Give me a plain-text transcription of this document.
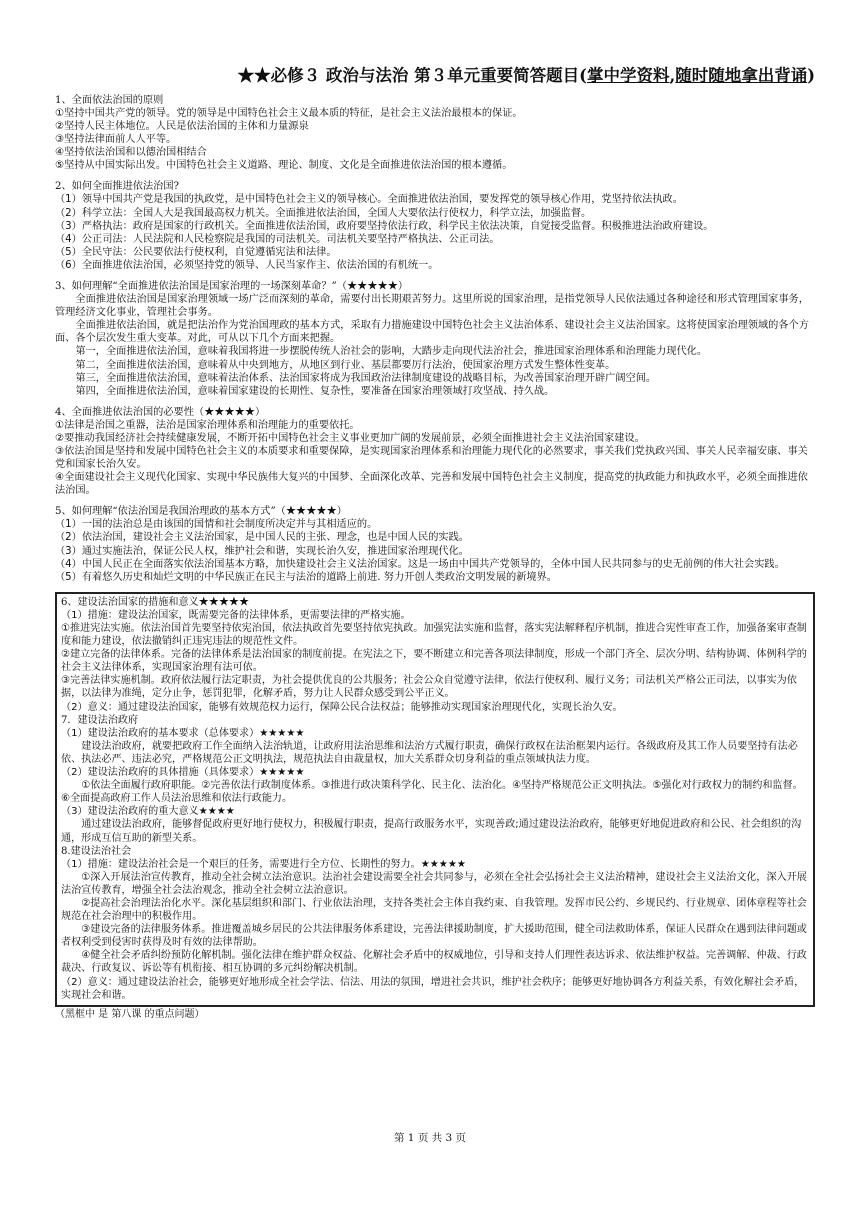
★★必修３ 政治与法治 第３单元重要简答题目(掌中学资料,随时随地拿出背诵)
1、全面依法治国的原则
①坚持中国共产党的领导。党的领导是中国特色社会主义最本质的特征，是社会主义法治最根本的保证。
②坚持人民主体地位。人民是依法治国的主体和力量源泉
③坚持法律面前人人平等。
④坚持依法治国和以德治国相结合
⑤坚持从中国实际出发。中国特色社会主义道路、理论、制度、文化是全面推进依法治国的根本遵循。
2、如何全面推进依法治国?
（1）领导中国共产党是我国的执政党，是中国特色社会主义的领导核心。全面推进依法治国，要发挥党的领导核心作用，党坚持依法执政。
（2）科学立法：全国人大是我国最高权力机关。全面推进依法治国，全国人大要依法行使权力，科学立法，加强监督。
（3）严格执法：政府是国家的行政机关。全面推进依法治国，政府要坚持依法行政，科学民主依法决策，自觉接受监督。积极推进法治政府建设。
（4）公正司法：人民法院和人民检察院是我国的司法机关。司法机关要坚持严格执法、公正司法。
（5）全民守法：公民要依法行使权利，自觉遵循宪法和法律。
（6）全面推进依法治国，必须坚持党的领导、人民当家作主、依法治国的有机统一。
3、如何理解“全面推进依法治国是国家治理的一场深刻革命？”（★★★★★）
全面推进依法治国是国家治理领域一场广泛而深刻的革命，需要付出长期艰苦努力。这里所说的国家治理，是指党领导人民依法通过各种途径和形式管理国家事务，管理经济文化事业，管理社会事务。
全面推进依法治国，就是把法治作为党治国理政的基本方式，采取有力措施建设中国特色社会主义法治体系、建设社会主义法治国家。这将使国家治理领域的各个方面、各个层次发生重大变革。对此，可从以下几个方面来把握。
第一，全面推进依法治国，意味着我国将进一步摆脱传统人治社会的影响，大踏步走向现代法治社会，推进国家治理体系和治理能力现代化。
第二，全面推进依法治国，意味着从中央到地方，从地区到行业、基层都要厉行法治，使国家治理方式发生整体性变革。
第三，全面推进依法治国，意味着法治体系、法治国家将成为我国政治法律制度建设的战略目标，为改善国家治理开辟广阔空间。
第四，全面推进依法治国，意味着国家建设的长期性、复杂性，要准备在国家治理领域打攻坚战、持久战。
4、全面推进依法治国的必要性（★★★★★）
①法律是治国之重器，法治是国家治理体系和治理能力的重要依托。
②要推动我国经济社会持续健康发展，不断开拓中国特色社会主义事业更加广阔的发展前景，必须全面推进社会主义法治国家建设。
③依法治国是坚持和发展中国特色社会主义的本质要求和重要保障，是实现国家治理体系和治理能力现代化的必然要求，事关我们党执政兴国、事关人民幸福安康、事关党和国家长治久安。
④全面建设社会主义现代化国家、实现中华民族伟大复兴的中国梦、全面深化改革、完善和发展中国特色社会主义制度，提高党的执政能力和执政水平，必须全面推进依法治国。
5、如何理解“依法治国是我国治理政的基本方式”（★★★★★）
（1）一国的法治总是由该国的国情和社会制度所决定并与其相适应的。
（2）依法治国，建设社会主义法治国家，是中国人民的主张、理念，也是中国人民的实践。
（3）通过实施法治，保证公民人权，维护社会和谐，实现长治久安，推进国家治理现代化。
（4）中国人民正在全面落实依法治国基本方略，加快建设社会主义法治国家。这是一场由中国共产党领导的，全体中国人民共同参与的史无前例的伟大社会实践。
（5）有着悠久历史和灿烂文明的中华民族正在民主与法治的道路上前进. 努力开创人类政治文明发展的新境界。
6、建设法治国家的措施和意义★★★★★
（1）措施：建设法治国家，既需要完备的法律体系，更需要法律的严格实施。
①推进宪法实施。依法治国首先要坚持依宪治国，依法执政首先要坚持依宪执政。加强宪法实施和监督，落实宪法解释程序机制，推进合宪性审查工作，加强备案审查制度和能力建设，依法撤销纠正违宪违法的规范性文件。
②建立完备的法律体系。完备的法律体系是法治国家的制度前提。在宪法之下，要不断建立和完善各项法律制度，形成一个部门齐全、层次分明、结构协调、体例科学的社会主义法律体系，实现国家治理有法可依。
③完善法律实施机制。政府依法履行法定职责，为社会提供优良的公共服务；社会公众自觉遵守法律，依法行使权利、履行义务；司法机关严格公正司法，以事实为依据，以法律为准绳，定分止争，惩罚犯罪，化解矛盾，努力让人民群众感受到公平正义。
（2）意义：通过建设法治国家，能够有效规范权力运行，保障公民合法权益；能够推动实现国家治理现代化，实现长治久安。
7．建设法治政府
（1）建设法治政府的基本要求（总体要求）★★★★★
建设法治政府，就要把政府工作全面纳入法治轨道，让政府用法治思维和法治方式履行职责，确保行政权在法治框架内运行。各级政府及其工作人员要坚持有法必依、执法必严、违法必究，严格规范公正文明执法，规范执法自由裁量权，加大关系群众切身利益的重点领域执法力度。
（2）建设法治政府的具体措施（具体要求）★★★★★
①依法全面履行政府职能。②完善依法行政制度体系。③推进行政决策科学化、民主化、法治化。④坚持严格规范公正文明执法。⑤强化对行政权力的制约和监督。⑥全面提高政府工作人员法治思维和依法行政能力。
（3）建设法治政府的重大意义★★★★
通过建设法治政府，能够督促政府更好地行使权力，积极履行职责，提高行政服务水平，实现善政;通过建设法治政府，能够更好地促进政府和公民、社会组织的沟通，形成互信互助的新型关系。
8.建设法治社会
（1）措施：建设法治社会是一个艰巨的任务，需要进行全方位、长期性的努力。★★★★★
①深入开展法治宣传教育，推动全社会树立法治意识。法治社会建设需要全社会共同参与，必须在全社会弘扬社会主义法治精神，建设社会主义法治文化，深入开展法治宣传教育，增强全社会法治观念，推动全社会树立法治意识。
②提高社会治理法治化水平。深化基层组织和部门、行业依法治理，支持各类社会主体自我约束、自我管理。发挥市民公约、乡规民约、行业规章、团体章程等社会规范在社会治理中的积极作用。
③建设完备的法律服务体系。推进覆盖城乡居民的公共法律服务体系建设，完善法律援助制度，扩大援助范围，健全司法救助体系，保证人民群众在遇到法律问题或者权利受到侵害时获得及时有效的法律帮助。
④健全社会矛盾纠纷预防化解机制。强化法律在维护群众权益、化解社会矛盾中的权威地位，引导和支持人们理性表达诉求、依法维护权益。完善调解、仲裁、行政裁决、行政复议、诉讼等有机衔接、相互协调的多元纠纷解决机制。
（2）意义：通过建设法治社会，能够更好地形成全社会学法、信法、用法的氛围，增进社会共识，维护社会秩序；能够更好地协调各方利益关系，有效化解社会矛盾，实现社会和谐。
（黑框中 是 第八课 的重点问题）
第 1 页 共 3 页
